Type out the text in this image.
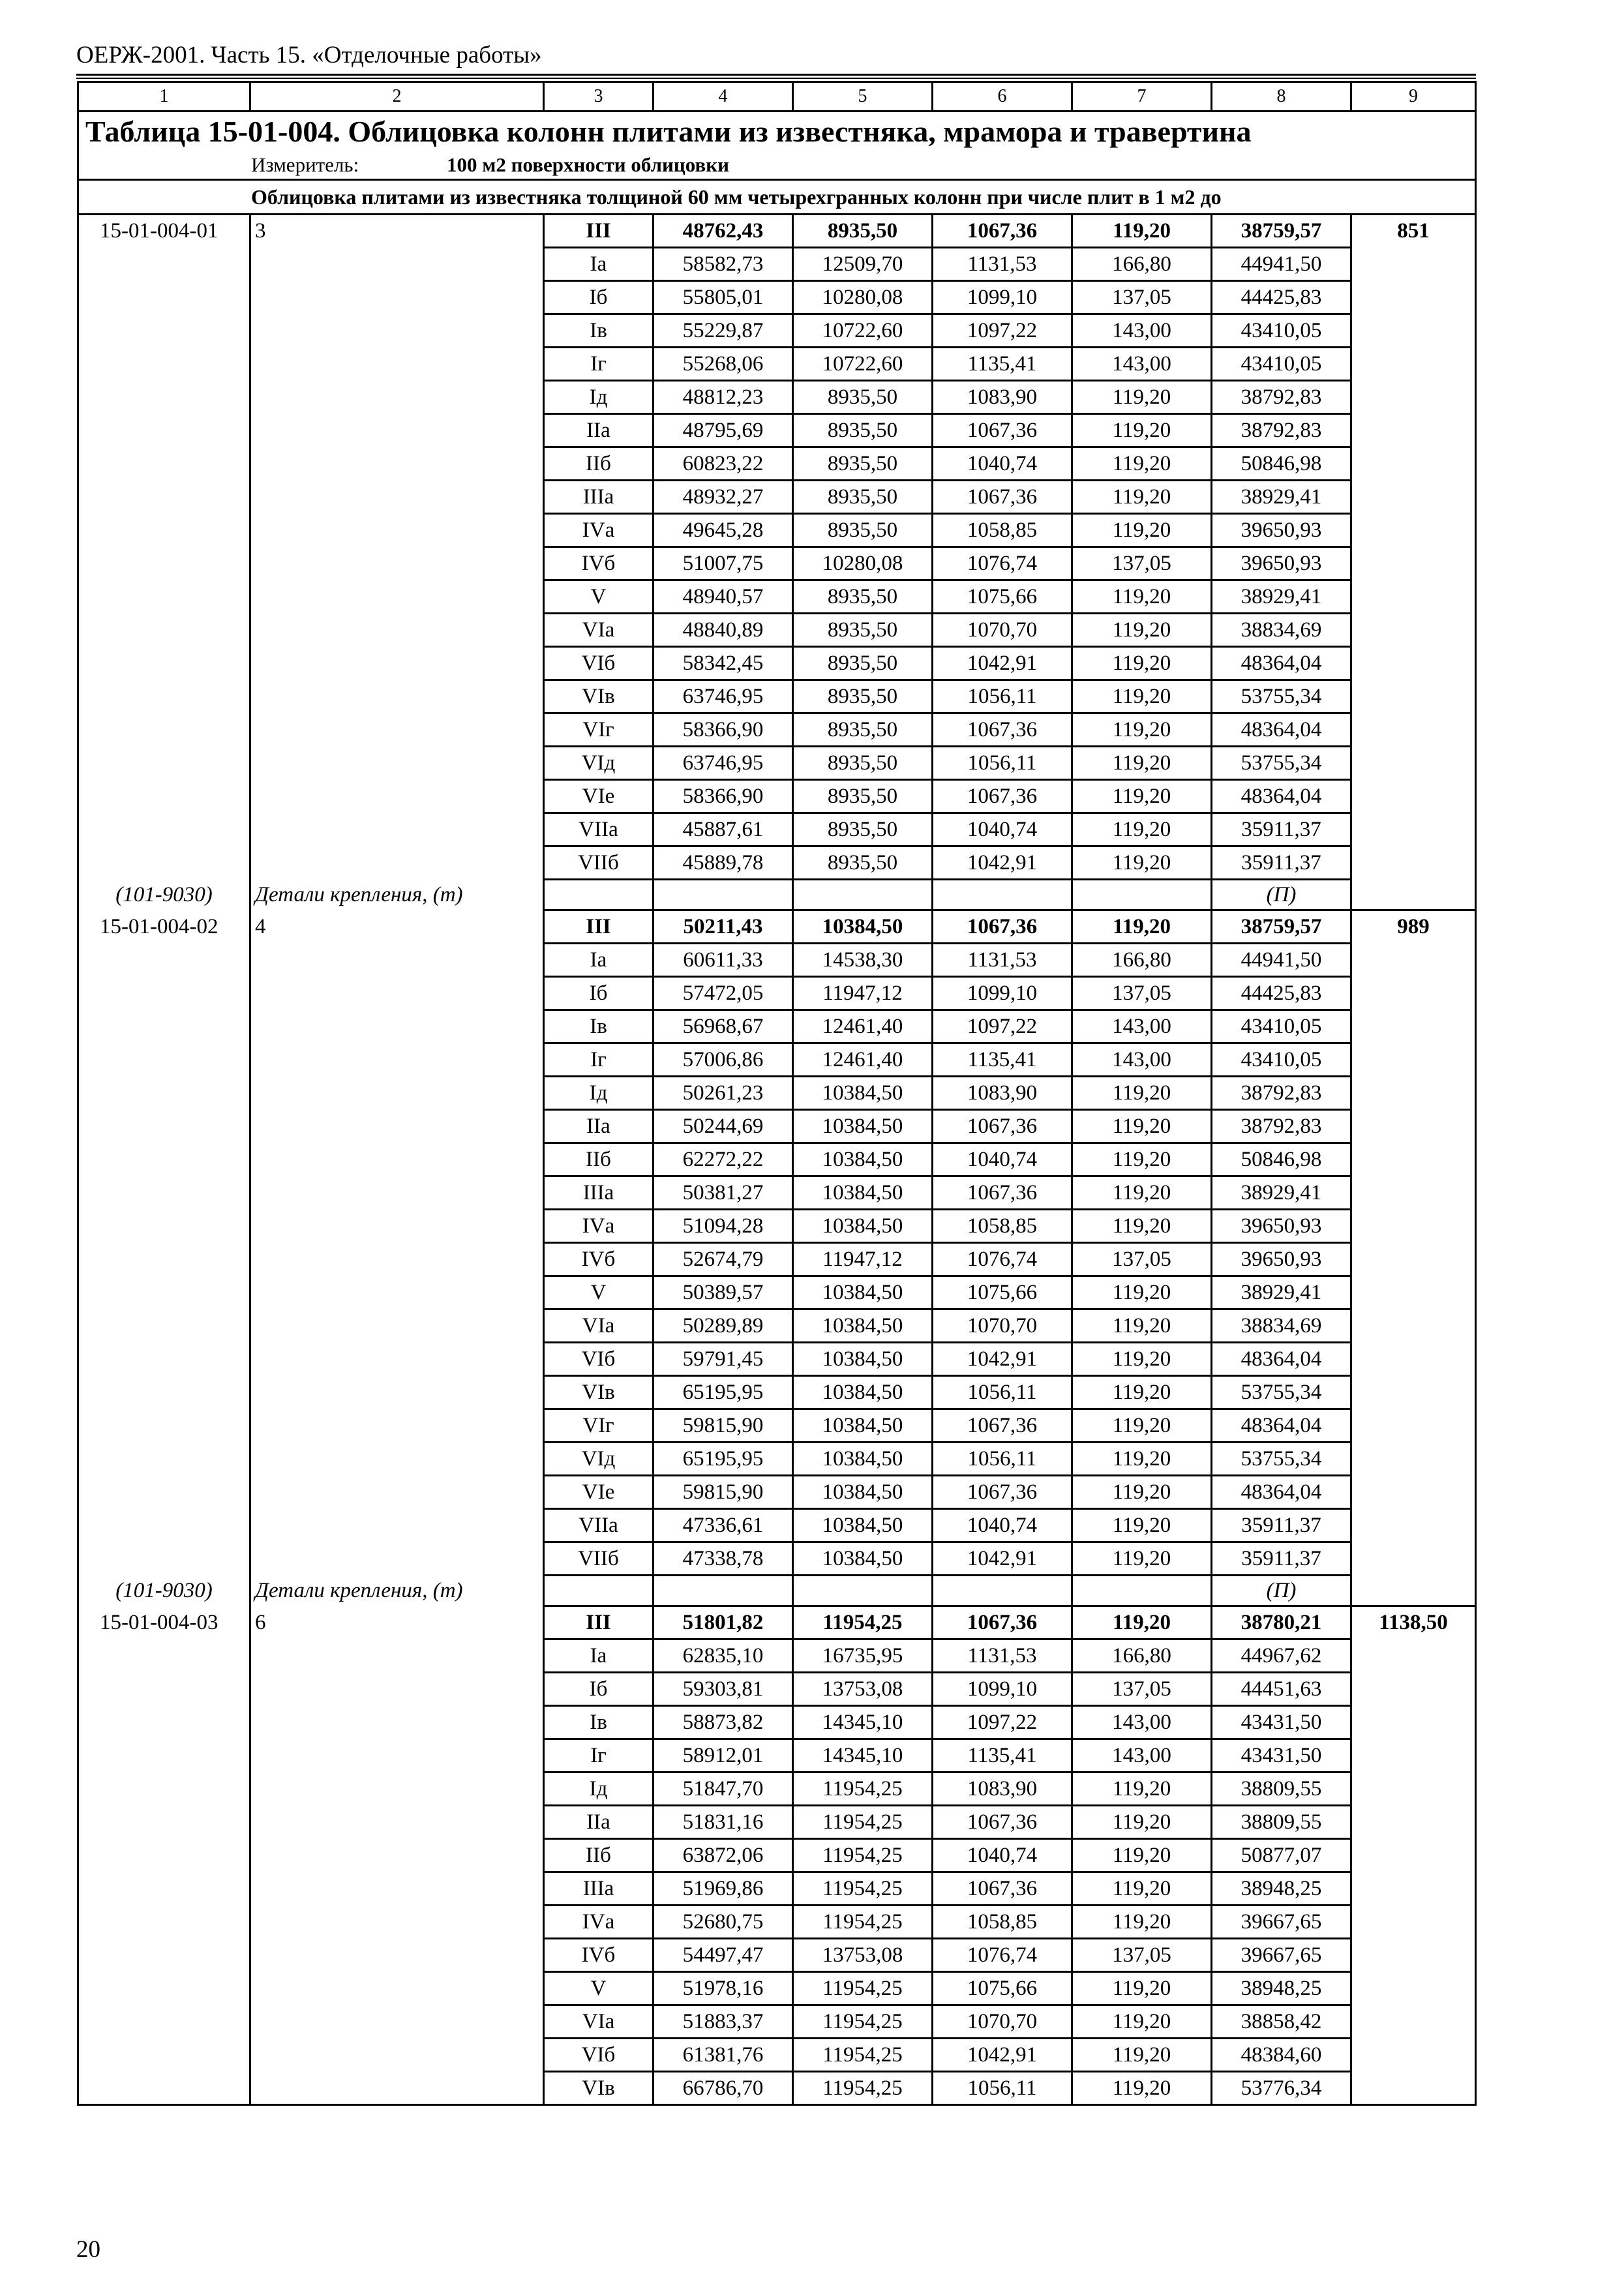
ОЕРЖ-2001. Часть 15. «Отделочные работы»
1	2	3	4	5	6	7	8	9
Таблица 15-01-004. Облицовка колонн плитами из известняка, мрамора и травертина								
Измеритель: 100 м2 поверхности облицовки								
Облицовка плитами из известняка толщиной 60 мм четырехгранных колонн при числе плит в 1 м2 до								
15-01-004-01	3	III	48762,43	8935,50	1067,36	119,20	38759,57	851
		Iа	58582,73	12509,70	1131,53	166,80	44941,50	
		Iб	55805,01	10280,08	1099,10	137,05	44425,83	
		Iв	55229,87	10722,60	1097,22	143,00	43410,05	
		Iг	55268,06	10722,60	1135,41	143,00	43410,05	
		Iд	48812,23	8935,50	1083,90	119,20	38792,83	
		IIа	48795,69	8935,50	1067,36	119,20	38792,83	
		IIб	60823,22	8935,50	1040,74	119,20	50846,98	
		IIIа	48932,27	8935,50	1067,36	119,20	38929,41	
		IVа	49645,28	8935,50	1058,85	119,20	39650,93	
		IVб	51007,75	10280,08	1076,74	137,05	39650,93	
		V	48940,57	8935,50	1075,66	119,20	38929,41	
		VIа	48840,89	8935,50	1070,70	119,20	38834,69	
		VIб	58342,45	8935,50	1042,91	119,20	48364,04	
		VIв	63746,95	8935,50	1056,11	119,20	53755,34	
		VIг	58366,90	8935,50	1067,36	119,20	48364,04	
		VIд	63746,95	8935,50	1056,11	119,20	53755,34	
		VIе	58366,90	8935,50	1067,36	119,20	48364,04	
		VIIа	45887,61	8935,50	1040,74	119,20	35911,37	
		VIIб	45889,78	8935,50	1042,91	119,20	35911,37	
(101-9030)	Детали крепления, (т)						(П)	
15-01-004-02	4	III	50211,43	10384,50	1067,36	119,20	38759,57	989
		Iа	60611,33	14538,30	1131,53	166,80	44941,50	
		Iб	57472,05	11947,12	1099,10	137,05	44425,83	
		Iв	56968,67	12461,40	1097,22	143,00	43410,05	
		Iг	57006,86	12461,40	1135,41	143,00	43410,05	
		Iд	50261,23	10384,50	1083,90	119,20	38792,83	
		IIа	50244,69	10384,50	1067,36	119,20	38792,83	
		IIб	62272,22	10384,50	1040,74	119,20	50846,98	
		IIIа	50381,27	10384,50	1067,36	119,20	38929,41	
		IVа	51094,28	10384,50	1058,85	119,20	39650,93	
		IVб	52674,79	11947,12	1076,74	137,05	39650,93	
		V	50389,57	10384,50	1075,66	119,20	38929,41	
		VIа	50289,89	10384,50	1070,70	119,20	38834,69	
		VIб	59791,45	10384,50	1042,91	119,20	48364,04	
		VIв	65195,95	10384,50	1056,11	119,20	53755,34	
		VIг	59815,90	10384,50	1067,36	119,20	48364,04	
		VIд	65195,95	10384,50	1056,11	119,20	53755,34	
		VIе	59815,90	10384,50	1067,36	119,20	48364,04	
		VIIа	47336,61	10384,50	1040,74	119,20	35911,37	
		VIIб	47338,78	10384,50	1042,91	119,20	35911,37	
(101-9030)	Детали крепления, (т)						(П)	
15-01-004-03	6	III	51801,82	11954,25	1067,36	119,20	38780,21	1138,50
		Iа	62835,10	16735,95	1131,53	166,80	44967,62	
		Iб	59303,81	13753,08	1099,10	137,05	44451,63	
		Iв	58873,82	14345,10	1097,22	143,00	43431,50	
		Iг	58912,01	14345,10	1135,41	143,00	43431,50	
		Iд	51847,70	11954,25	1083,90	119,20	38809,55	
		IIа	51831,16	11954,25	1067,36	119,20	38809,55	
		IIб	63872,06	11954,25	1040,74	119,20	50877,07	
		IIIа	51969,86	11954,25	1067,36	119,20	38948,25	
		IVа	52680,75	11954,25	1058,85	119,20	39667,65	
		IVб	54497,47	13753,08	1076,74	137,05	39667,65	
		V	51978,16	11954,25	1075,66	119,20	38948,25	
		VIа	51883,37	11954,25	1070,70	119,20	38858,42	
		VIб	61381,76	11954,25	1042,91	119,20	48384,60	
		VIв	66786,70	11954,25	1056,11	119,20	53776,34	
20
